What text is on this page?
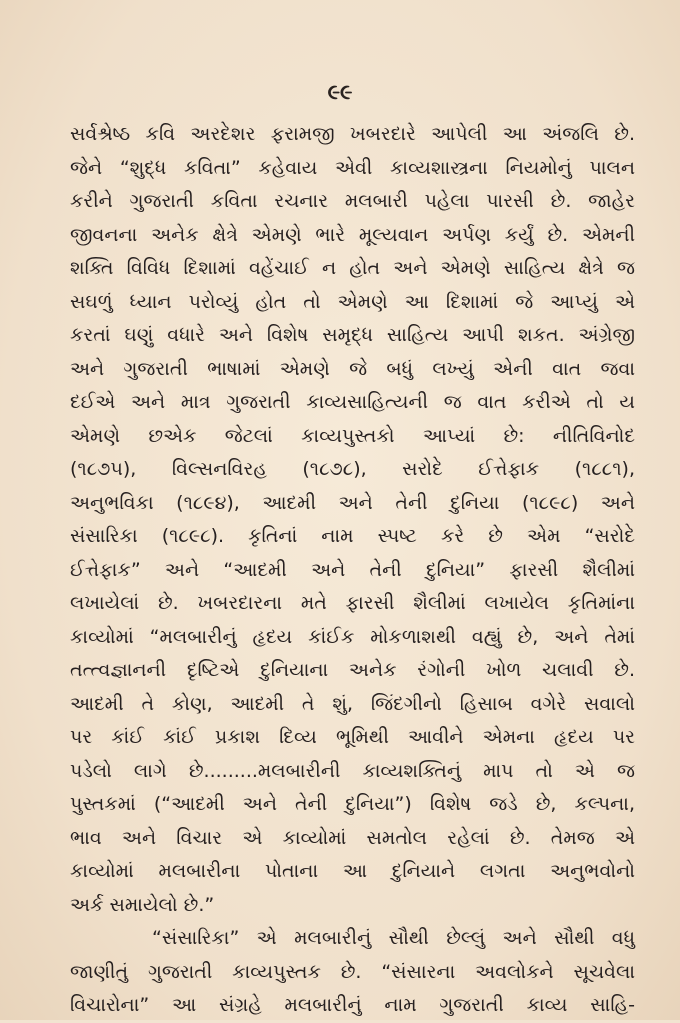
૯૯
સર્વશ્રેષ્ઠ કવિ અરદેશર ફરામજી ખબરદારે આપેલી આ અંજલિ છે.
જેને “શુદ્ધ કવિતા” કહેવાય એવી કાવ્યશાસ્ત્રના નિયમોનું પાલન
કરીને ગુજરાતી કવિતા રચનાર મલબારી પહેલા પારસી છે. જાહેર
જીવનના અનેક ક્ષેત્રે એમણે ભારે મૂલ્યવાન અર્પણ કર્યું છે. એમની
શક્તિ વિવિધ દિશામાં વહેંચાઈ ન હોત અને એમણે સાહિત્ય ક્ષેત્રે જ
સઘળું ધ્યાન પરોવ્યું હોત તો એમણે આ દિશામાં જે આપ્યું એ
કરતાં ઘણું વધારે અને વિશેષ સમૃદ્ધ સાહિત્ય આપી શકત. અંગ્રેજી
અને ગુજરાતી ભાષામાં એમણે જે બધું લખ્યું એની વાત જવા
દઈએ અને માત્ર ગુજરાતી કાવ્યસાહિત્યની જ વાત કરીએ તો ય
એમણે છએક જેટલાં કાવ્યપુસ્તકો આપ્યાં છે: નીતિવિનોદ
(૧૮૭૫), વિલ્સનવિરહ (૧૮૭૮), સરોદે ઈત્તેફાક (૧૮૮૧),
અનુભવિકા (૧૮૯૪), આદમી અને તેની દુનિયા (૧૮૯૮) અને
સંસારિકા (૧૮૯૮). કૃતિનાં નામ સ્પષ્ટ કરે છે એમ “સરોદે
ઈત્તેફાક” અને “આદમી અને તેની દુનિયા” ફારસી શૈલીમાં
લખાયેલાં છે. ખબરદારના મતે ફારસી શૈલીમાં લખાયેલ કૃતિમાંના
કાવ્યોમાં “મલબારીનું હૃદય કાંઈક મોકળાશથી વહ્યું છે, અને તેમાં
તત્ત્વજ્ઞાનની દૃષ્ટિએ દુનિયાના અનેક રંગોની ખોળ ચલાવી છે.
આદમી તે કોણ, આદમી તે શું, જિંદગીનો હિસાબ વગેરે સવાલો
પર કાંઈ કાંઈ પ્રકાશ દિવ્ય ભૂમિથી આવીને એમના હૃદય પર
પડેલો લાગે છે.........મલબારીની કાવ્યશક્તિનું માપ તો એ જ
પુસ્તકમાં (“આદમી અને તેની દુનિયા”) વિશેષ જડે છે, કલ્પના,
ભાવ અને વિચાર એ કાવ્યોમાં સમતોલ રહેલાં છે. તેમજ એ
કાવ્યોમાં મલબારીના પોતાના આ દુનિયાને લગતા અનુભવોનો
અર્ક સમાયેલો છે.”
“સંસારિકા” એ મલબારીનું સૌથી છેલ્લું અને સૌથી વધુ
જાણીતું ગુજરાતી કાવ્યપુસ્તક છે. “સંસારના અવલોકને સૂચવેલા
વિચારોના” આ સંગ્રહે મલબારીનું નામ ગુજરાતી કાવ્ય સાહિ-
